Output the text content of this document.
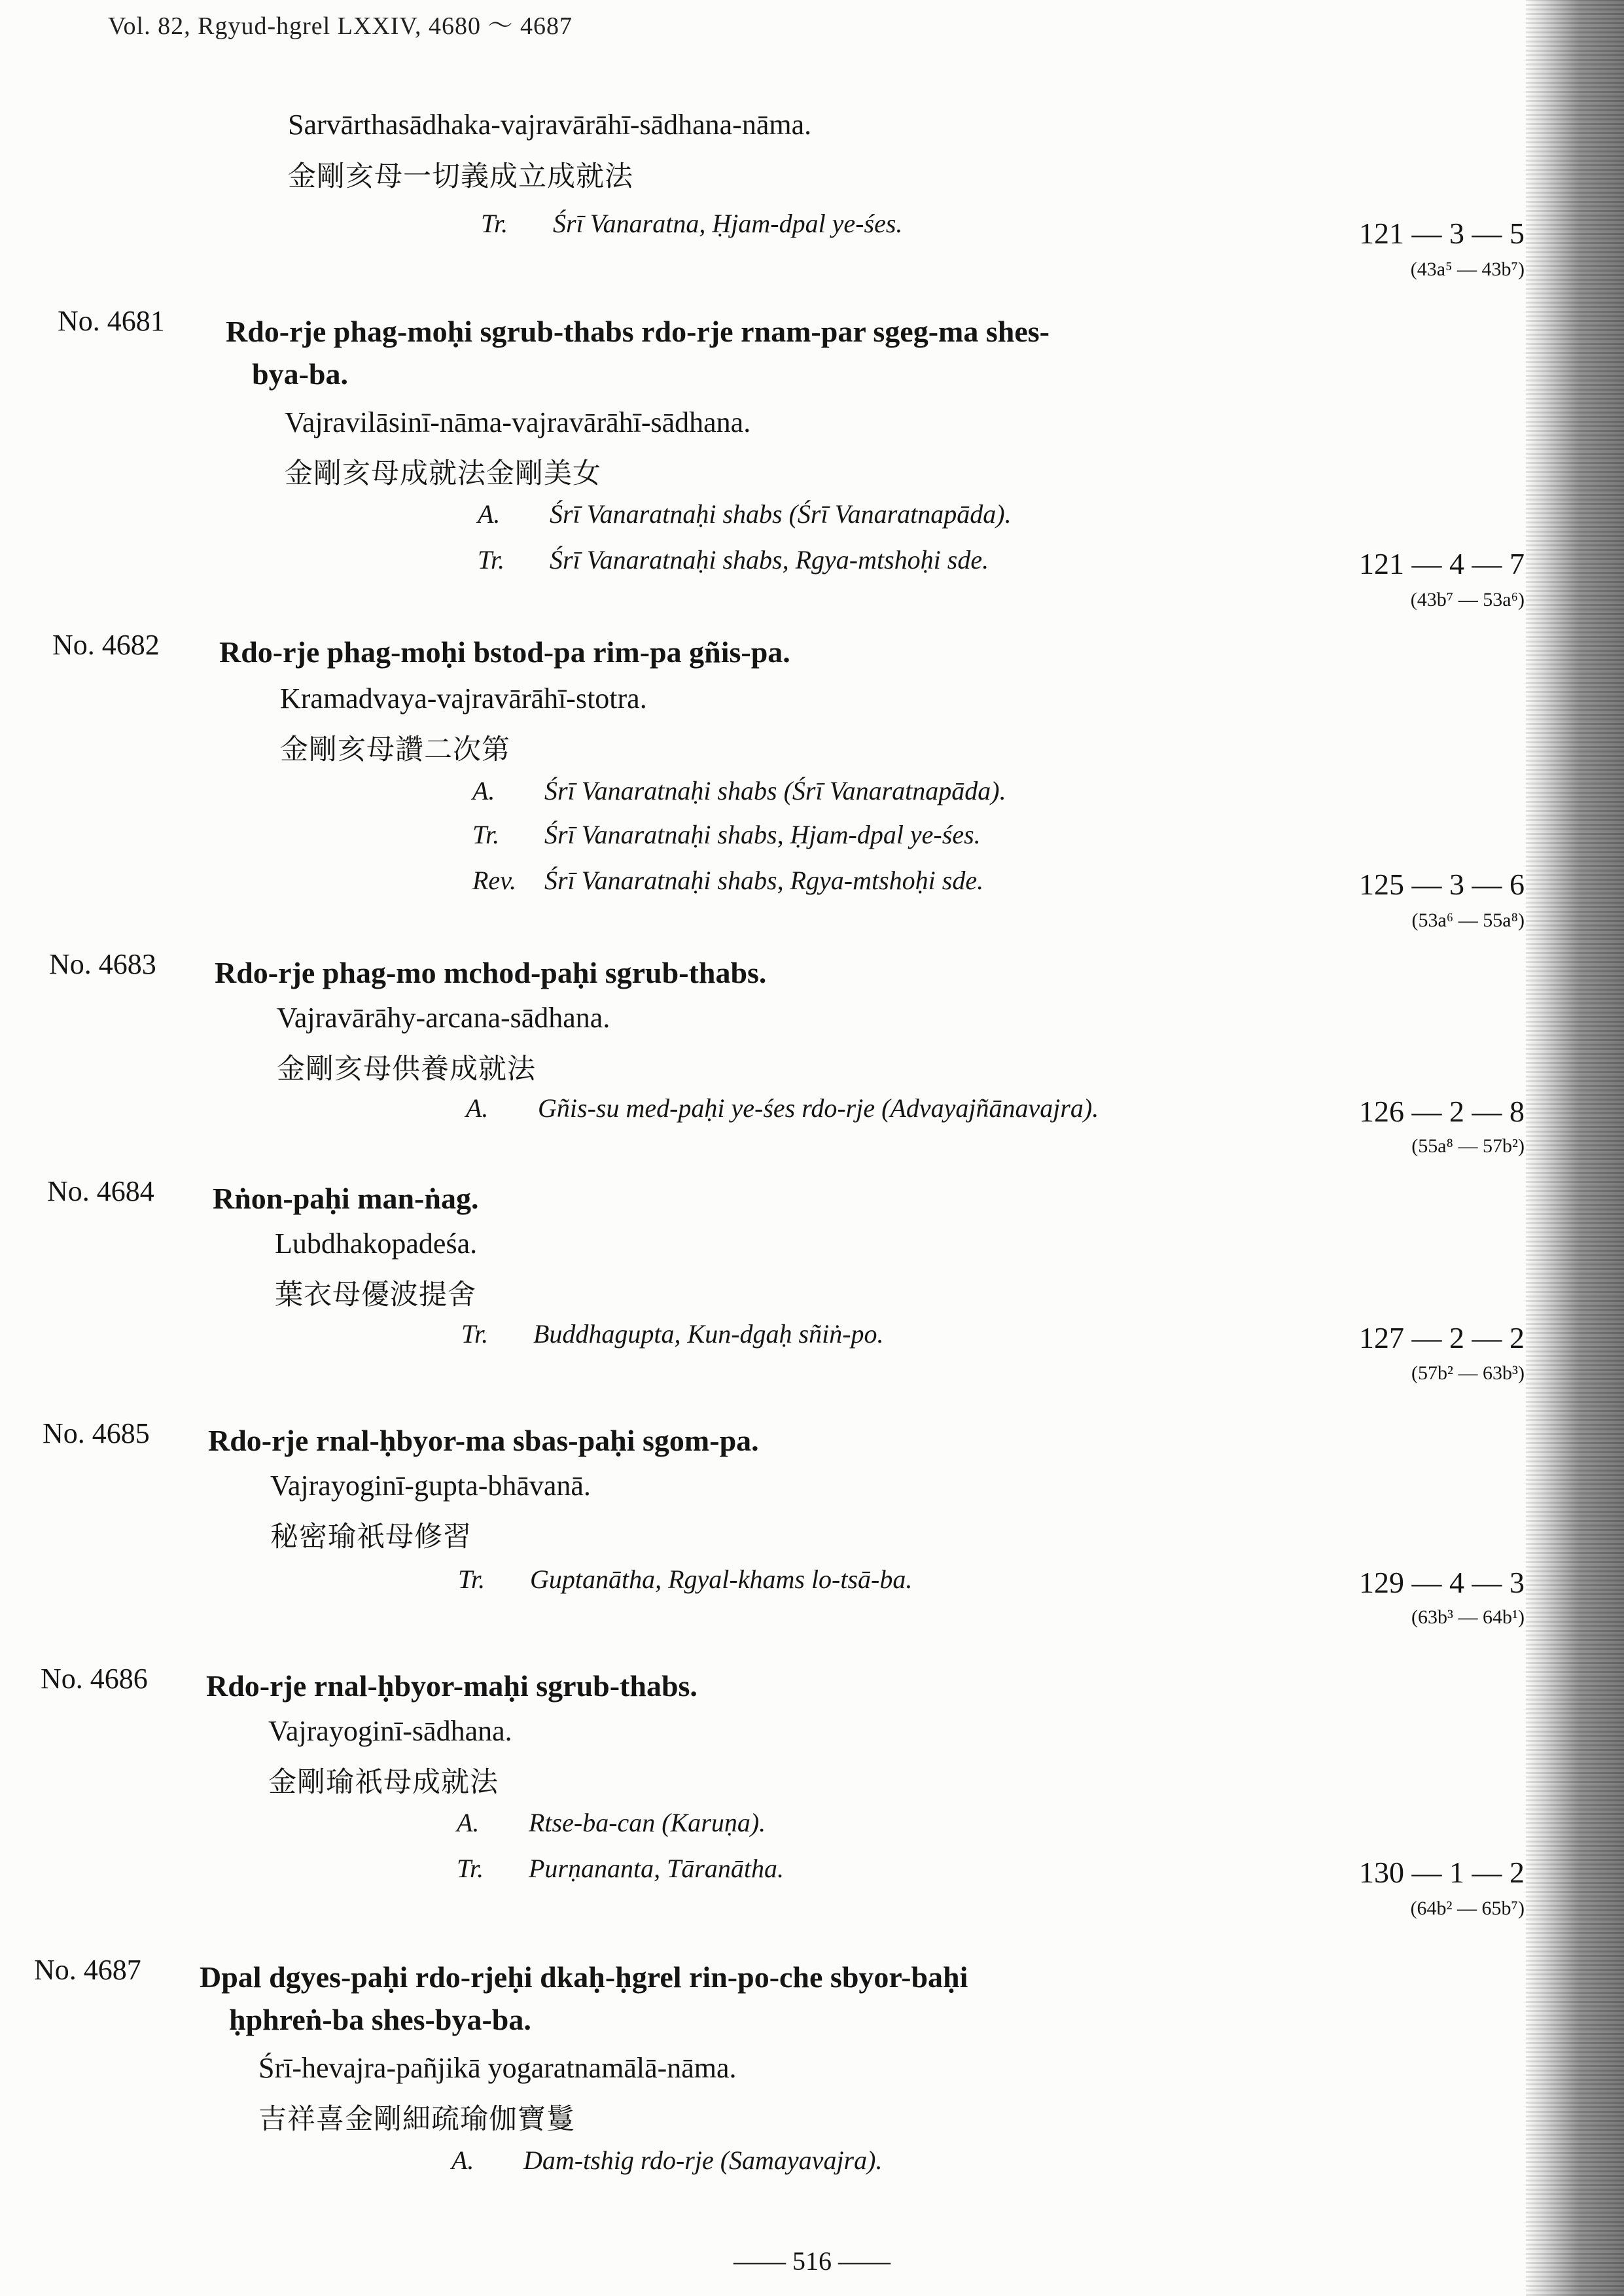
Vol. 82, Rgyud-hgrel LXXIV, 4680 ～ 4687
Sarvārthasādhaka-vajravārāhī-sādhana-nāma.
金剛亥母一切義成立成就法
Tr. Śrī Vanaratna, Ḥjam-dpal ye-śes.	121 — 3 — 5
(43a⁵ — 43b⁷)
No. 4681 Rdo-rje phag-moḥi sgrub-thabs rdo-rje rnam-par sgeg-ma shes-
bya-ba.
Vajravilāsinī-nāma-vajravārāhī-sādhana.
金剛亥母成就法金剛美女
A. Śrī Vanaratnaḥi shabs (Śrī Vanaratnapāda).
Tr. Śrī Vanaratnaḥi shabs, Rgya-mtshoḥi sde.	121 — 4 — 7
(43b⁷ — 53a⁶)
No. 4682 Rdo-rje phag-moḥi bstod-pa rim-pa gñis-pa.
Kramadvaya-vajravārāhī-stotra.
金剛亥母讚二次第
A. Śrī Vanaratnaḥi shabs (Śrī Vanaratnapāda).
Tr. Śrī Vanaratnaḥi shabs, Ḥjam-dpal ye-śes.
Rev. Śrī Vanaratnaḥi shabs, Rgya-mtshoḥi sde.	125 — 3 — 6
(53a⁶ — 55a⁸)
No. 4683 Rdo-rje phag-mo mchod-paḥi sgrub-thabs.
Vajravārāhy-arcana-sādhana.
金剛亥母供養成就法
A. Gñis-su med-paḥi ye-śes rdo-rje (Advayajñānavajra).	126 — 2 — 8
(55a⁸ — 57b²)
No. 4684 Rṅon-paḥi man-ṅag.
Lubdhakopadeśa.
葉衣母優波提舍
Tr. Buddhagupta, Kun-dgaḥ sñiṅ-po.	127 — 2 — 2
(57b² — 63b³)
No. 4685 Rdo-rje rnal-ḥbyor-ma sbas-paḥi sgom-pa.
Vajrayoginī-gupta-bhāvanā.
秘密瑜祇母修習
Tr. Guptanātha, Rgyal-khams lo-tsā-ba.	129 — 4 — 3
(63b³ — 64b¹)
No. 4686 Rdo-rje rnal-ḥbyor-maḥi sgrub-thabs.
Vajrayoginī-sādhana.
金剛瑜祇母成就法
A. Rtse-ba-can (Karuṇa).
Tr. Purṇananta, Tāranātha.	130 — 1 — 2
(64b² — 65b⁷)
No. 4687 Dpal dgyes-paḥi rdo-rjeḥi dkaḥ-ḥgrel rin-po-che sbyor-baḥi
ḥphreṅ-ba shes-bya-ba.
Śrī-hevajra-pañjikā yogaratnamālā-nāma.
吉祥喜金剛細疏瑜伽寶鬘
A. Dam-tshig rdo-rje (Samayavajra).
—— 516 ——
